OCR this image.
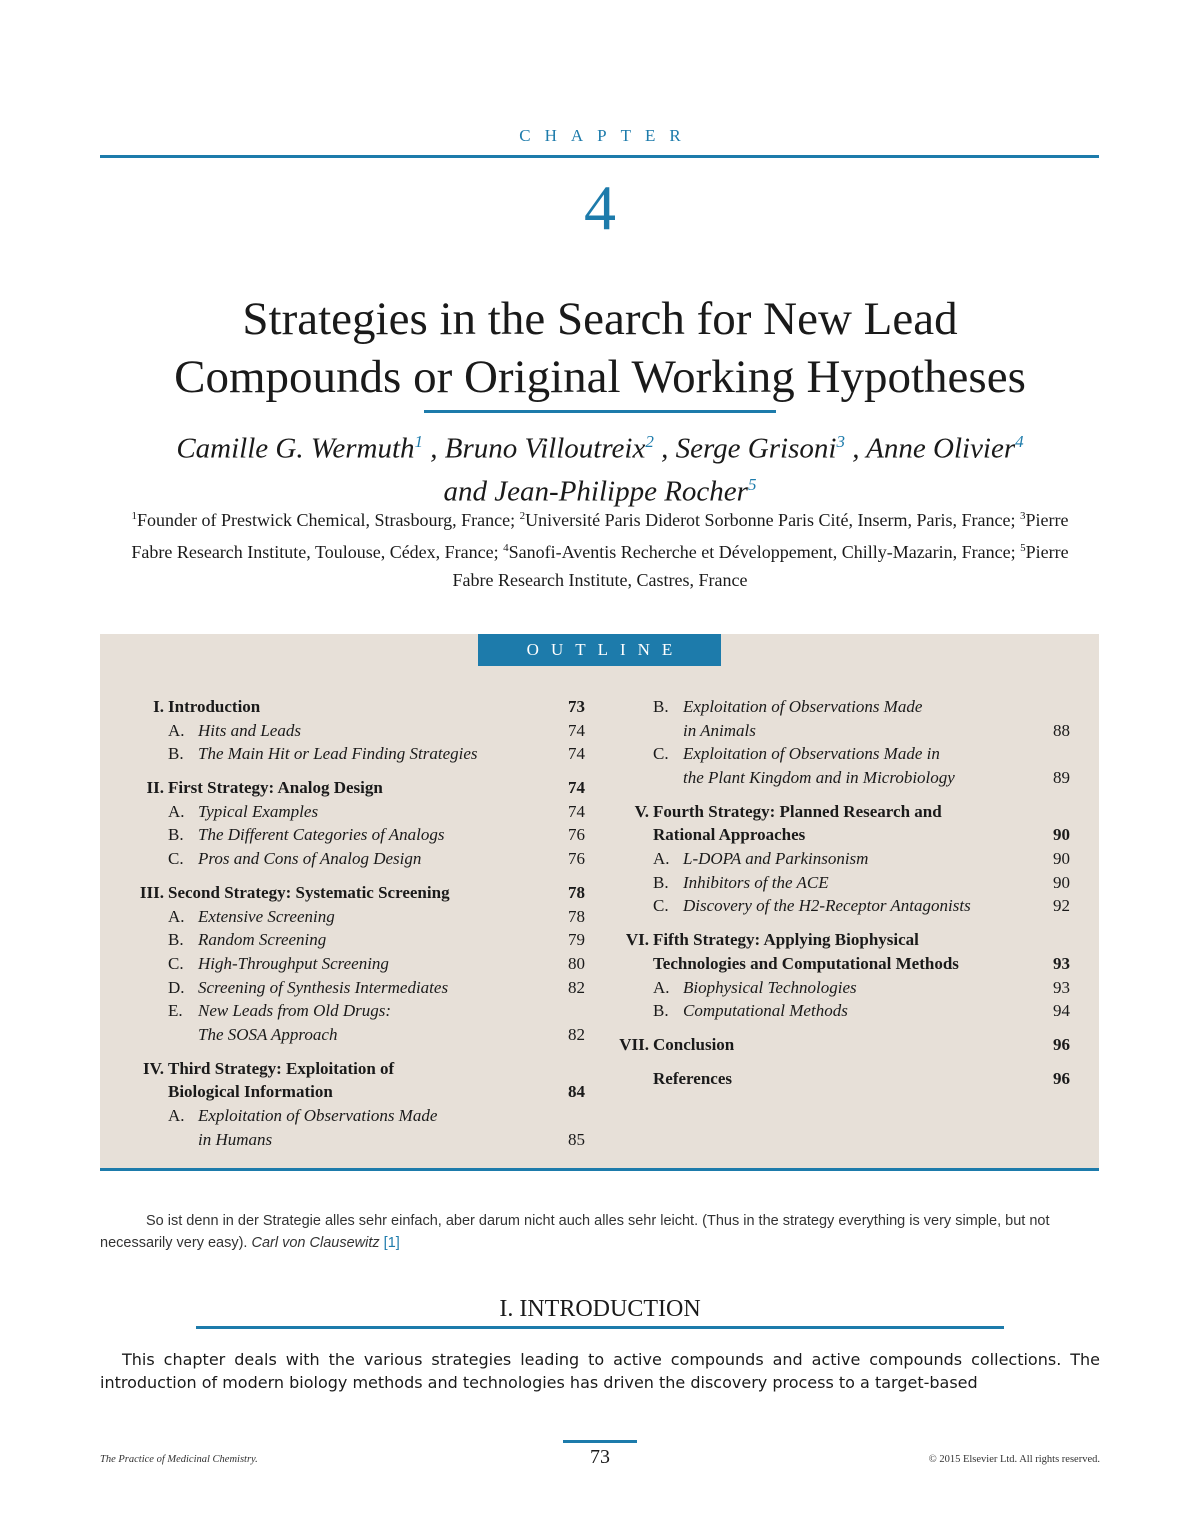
CHAPTER
4
Strategies in the Search for New Lead
Compounds or Original Working Hypotheses
Camille G. Wermuth$^1$ , Bruno Villoutreix$^2$ , Serge Grisoni$^3$ , Anne Olivier$^4$
and Jean-Philippe Rocher$^5$
$^1$Founder of Prestwick Chemical, Strasbourg, France; $^2$Université Paris Diderot Sorbonne Paris Cité, Inserm, Paris, France; $^3$Pierre Fabre Research Institute, Toulouse, Cédex, France; $^4$Sanofi-Aventis Recherche et Développement, Chilly-Mazarin, France; $^5$Pierre Fabre Research Institute, Castres, France
OUTLINE
I. Introduction	73
A. Hits and Leads	74
B. The Main Hit or Lead Finding Strategies	74
II. First Strategy: Analog Design	74
A. Typical Examples	74
B. The Different Categories of Analogs	76
C. Pros and Cons of Analog Design	76
III. Second Strategy: Systematic Screening	78
A. Extensive Screening	78
B. Random Screening	79
C. High-Throughput Screening	80
D. Screening of Synthesis Intermediates	82
E. New Leads from Old Drugs:
The SOSA Approach	82
IV. Third Strategy: Exploitation of
Biological Information	84
A. Exploitation of Observations Made
in Humans	85
B. Exploitation of Observations Made
in Animals	88
C. Exploitation of Observations Made in
the Plant Kingdom and in Microbiology	89
V. Fourth Strategy: Planned Research and
Rational Approaches	90
A. L-DOPA and Parkinsonism	90
B. Inhibitors of the ACE	90
C. Discovery of the H2-Receptor Antagonists	92
VI. Fifth Strategy: Applying Biophysical
Technologies and Computational Methods	93
A. Biophysical Technologies	93
B. Computational Methods	94
VII. Conclusion	96
References	96
So ist denn in der Strategie alles sehr einfach, aber darum nicht auch alles sehr leicht. (Thus in the strategy everything is very simple, but not necessarily very easy). Carl von Clausewitz [1]
I. INTRODUCTION
This chapter deals with the various strategies leading to active compounds and active compounds collections. The introduction of modern biology methods and technologies has driven the discovery process to a target-based
The Practice of Medicinal Chemistry.	73	© 2015 Elsevier Ltd. All rights reserved.
